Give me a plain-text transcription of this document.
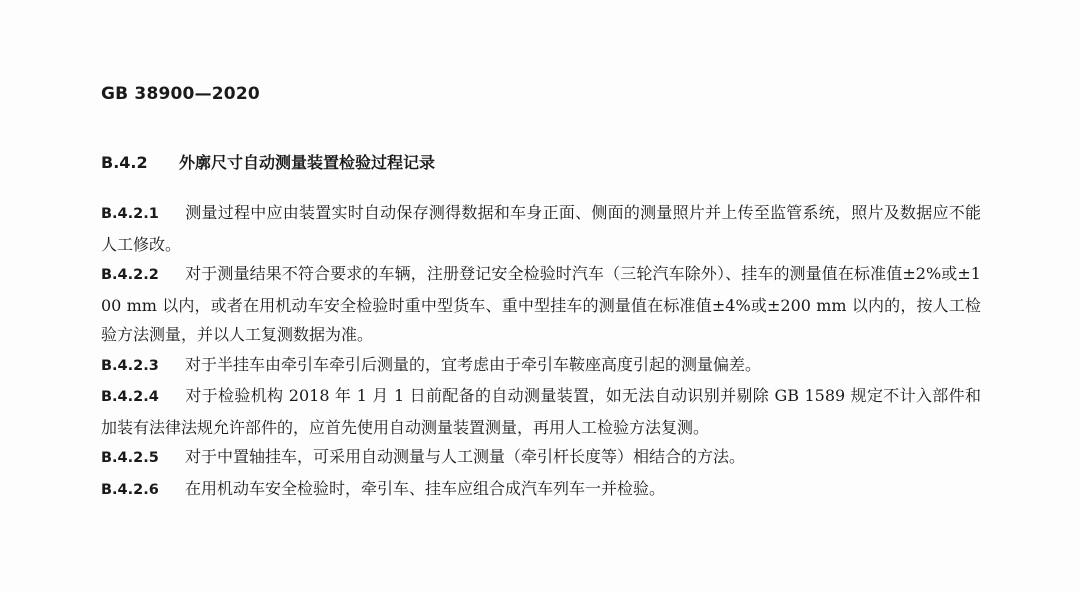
GB 38900—2020
B.4.2 外廓尺寸自动测量装置检验过程记录
B.4.2.1 测量过程中应由装置实时自动保存测得数据和车身正面、侧面的测量照片并上传至监管系统，照片及数据应不能人工修改。
B.4.2.2 对于测量结果不符合要求的车辆，注册登记安全检验时汽车（三轮汽车除外）、挂车的测量值在标准值±2%或±100 mm 以内，或者在用机动车安全检验时重中型货车、重中型挂车的测量值在标准值±4%或±200 mm 以内的，按人工检验方法测量，并以人工复测数据为准。
B.4.2.3 对于半挂车由牵引车牵引后测量的，宜考虑由于牵引车鞍座高度引起的测量偏差。
B.4.2.4 对于检验机构 2018 年 1 月 1 日前配备的自动测量装置，如无法自动识别并剔除 GB 1589 规定不计入部件和加装有法律法规允许部件的，应首先使用自动测量装置测量，再用人工检验方法复测。
B.4.2.5 对于中置轴挂车，可采用自动测量与人工测量（牵引杆长度等）相结合的方法。
B.4.2.6 在用机动车安全检验时，牵引车、挂车应组合成汽车列车一并检验。
